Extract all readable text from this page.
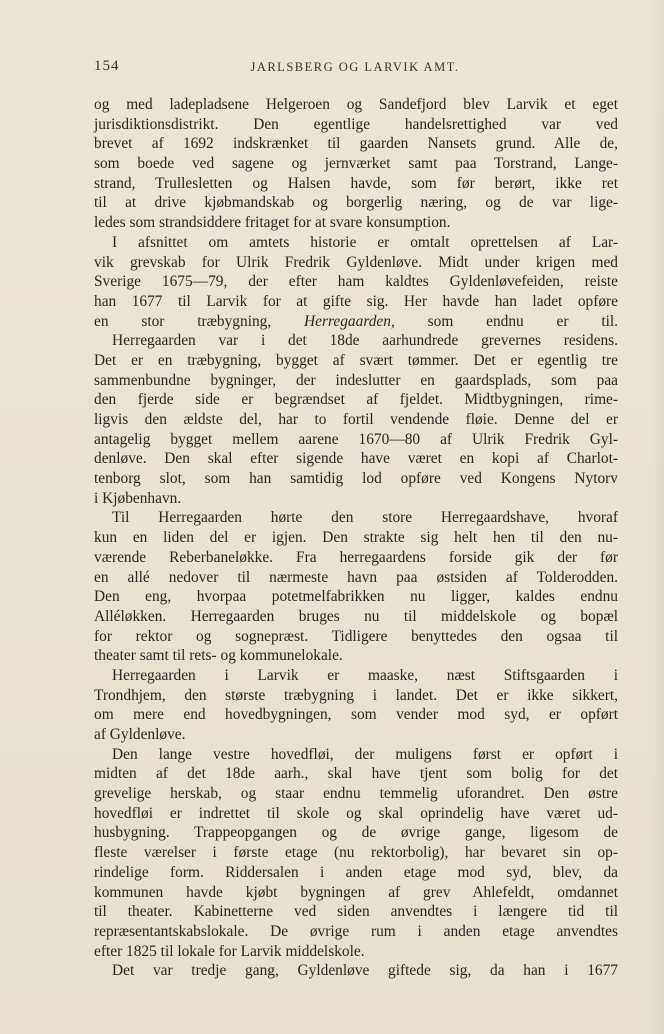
154	JARLSBERG OG LARVIK AMT.
og med ladepladsene Helgeroen og Sandefjord blev Larvik et eget
jurisdiktionsdistrikt. Den egentlige handelsrettighed var ved
brevet af 1692 indskrænket til gaarden Nansets grund. Alle de,
som boede ved sagene og jernværket samt paa Torstrand, Lange-
strand, Trullesletten og Halsen havde, som før berørt, ikke ret
til at drive kjøbmandskab og borgerlig næring, og de var lige-
ledes som strandsiddere fritaget for at svare konsumption.
I afsnittet om amtets historie er omtalt oprettelsen af Lar-
vik grevskab for Ulrik Fredrik Gyldenløve. Midt under krigen med
Sverige 1675—79, der efter ham kaldtes Gyldenløvefeiden, reiste
han 1677 til Larvik for at gifte sig. Her havde han ladet opføre
en stor træbygning, Herregaarden, som endnu er til.
Herregaarden var i det 18de aarhundrede grevernes residens.
Det er en træbygning, bygget af svært tømmer. Det er egentlig tre
sammenbundne bygninger, der indeslutter en gaardsplads, som paa
den fjerde side er begrændset af fjeldet. Midtbygningen, rime-
ligvis den ældste del, har to fortil vendende fløie. Denne del er
antagelig bygget mellem aarene 1670—80 af Ulrik Fredrik Gyl-
denløve. Den skal efter sigende have været en kopi af Charlot-
tenborg slot, som han samtidig lod opføre ved Kongens Nytorv
i Kjøbenhavn.
Til Herregaarden hørte den store Herregaardshave, hvoraf
kun en liden del er igjen. Den strakte sig helt hen til den nu-
værende Reberbaneløkke. Fra herregaardens forside gik der før
en allé nedover til nærmeste havn paa østsiden af Tolderodden.
Den eng, hvorpaa potetmelfabrikken nu ligger, kaldes endnu
Alléløkken. Herregaarden bruges nu til middelskole og bopæl
for rektor og sognepræst. Tidligere benyttedes den ogsaa til
theater samt til rets- og kommunelokale.
Herregaarden i Larvik er maaske, næst Stiftsgaarden i
Trondhjem, den største træbygning i landet. Det er ikke sikkert,
om mere end hovedbygningen, som vender mod syd, er opført
af Gyldenløve.
Den lange vestre hovedfløi, der muligens først er opført i
midten af det 18de aarh., skal have tjent som bolig for det
grevelige herskab, og staar endnu temmelig uforandret. Den østre
hovedfløi er indrettet til skole og skal oprindelig have været ud-
husbygning. Trappeopgangen og de øvrige gange, ligesom de
fleste værelser i første etage (nu rektorbolig), har bevaret sin op-
rindelige form. Riddersalen i anden etage mod syd, blev, da
kommunen havde kjøbt bygningen af grev Ahlefeldt, omdannet
til theater. Kabinetterne ved siden anvendtes i længere tid til
repræsentantskabslokale. De øvrige rum i anden etage anvendtes
efter 1825 til lokale for Larvik middelskole.
Det var tredje gang, Gyldenløve giftede sig, da han i 1677
